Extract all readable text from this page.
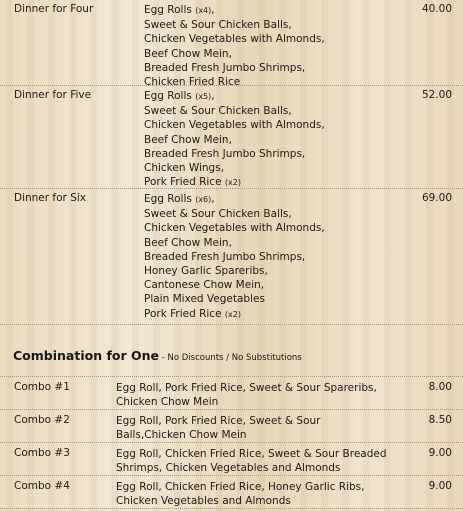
Dinner for Four	Egg Rolls (x4),
Sweet & Sour Chicken Balls,
Chicken Vegetables with Almonds,
Beef Chow Mein,
Breaded Fresh Jumbo Shrimps,
Chicken Fried Rice
40.00
Dinner for Five	Egg Rolls (x5),
Sweet & Sour Chicken Balls,
Chicken Vegetables with Almonds,
Beef Chow Mein,
Breaded Fresh Jumbo Shrimps,
Chicken Wings,
Pork Fried Rice (x2)
52.00
Dinner for Six	Egg Rolls (x6),
Sweet & Sour Chicken Balls,
Chicken Vegetables with Almonds,
Beef Chow Mein,
Breaded Fresh Jumbo Shrimps,
Honey Garlic Spareribs,
Cantonese Chow Mein,
Plain Mixed Vegetables
Pork Fried Rice (x2)
69.00
Combination for One - No Discounts / No Substitutions
Combo #1	Egg Roll, Pork Fried Rice, Sweet & Sour Spareribs,
Chicken Chow Mein
8.00
Combo #2	Egg Roll, Pork Fried Rice, Sweet & Sour
Balls,Chicken Chow Mein
8.50
Combo #3	Egg Roll, Chicken Fried Rice, Sweet & Sour Breaded
Shrimps, Chicken Vegetables and Almonds
9.00
Combo #4	Egg Roll, Chicken Fried Rice, Honey Garlic Ribs,
Chicken Vegetables and Almonds
9.00
